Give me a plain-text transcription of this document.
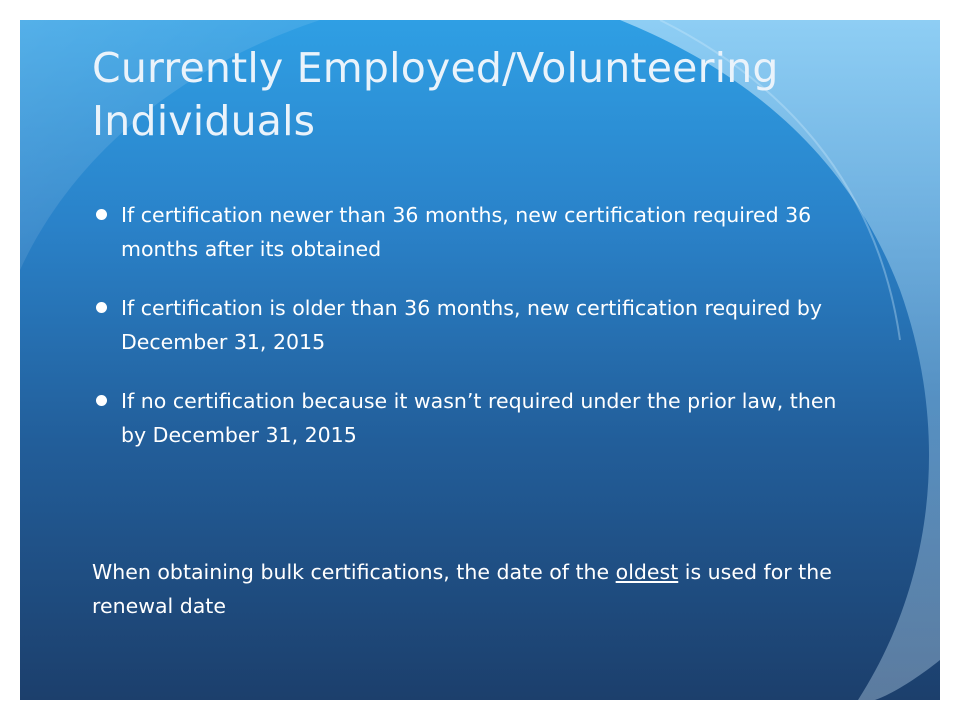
Currently Employed/Volunteering Individuals
If certification newer than 36 months, new certification required 36 months after its obtained
If certification is older than 36 months, new certification required by December 31, 2015
If no certification because it wasn’t required under the prior law, then by December 31, 2015

When obtaining bulk certifications, the date of the oldest is used for the renewal date
